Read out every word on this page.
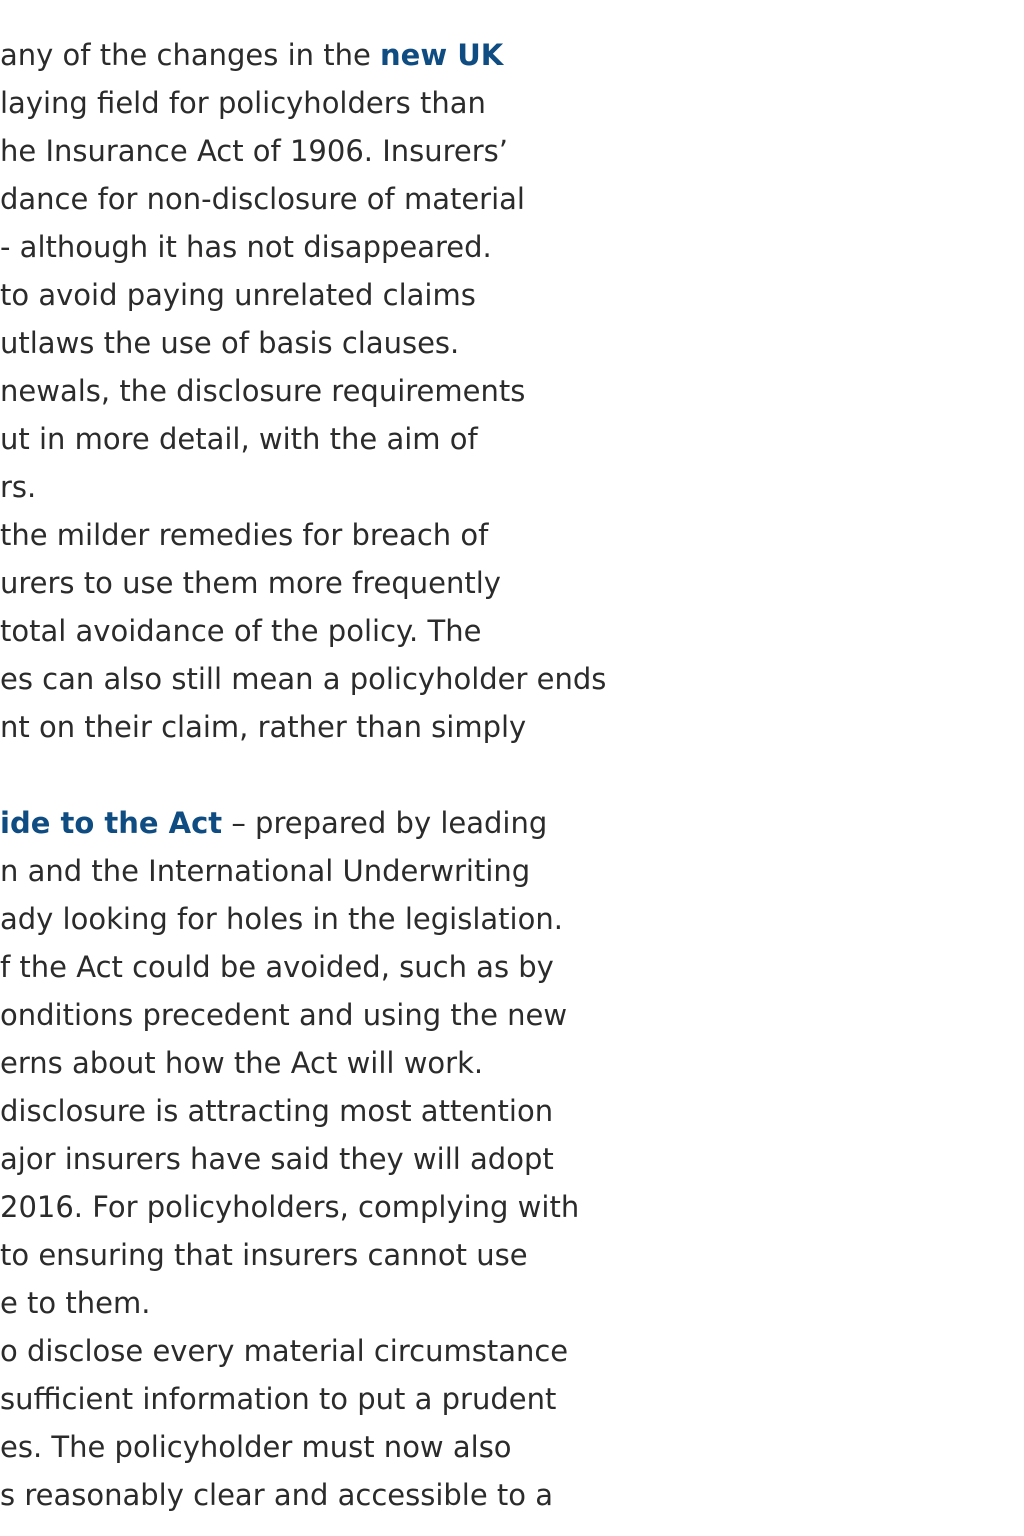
any of the changes in the new UK
laying field for policyholders than
he Insurance Act of 1906. Insurers’
dance for non-disclosure of material
- although it has not disappeared.
to avoid paying unrelated claims
utlaws the use of basis clauses.
newals, the disclosure requirements
ut in more detail, with the aim of
rs.
the milder remedies for breach of
urers to use them more frequently
total avoidance of the policy. The
es can also still mean a policyholder ends
nt on their claim, rather than simply
ide to the Act – prepared by leading
n and the International Underwriting
ady looking for holes in the legislation.
f the Act could be avoided, such as by
onditions precedent and using the new
erns about how the Act will work.
disclosure is attracting most attention
ajor insurers have said they will adopt
2016. For policyholders, complying with
to ensuring that insurers cannot use
e to them.
o disclose every material circumstance
sufficient information to put a prudent
es. The policyholder must now also
s reasonably clear and accessible to a
